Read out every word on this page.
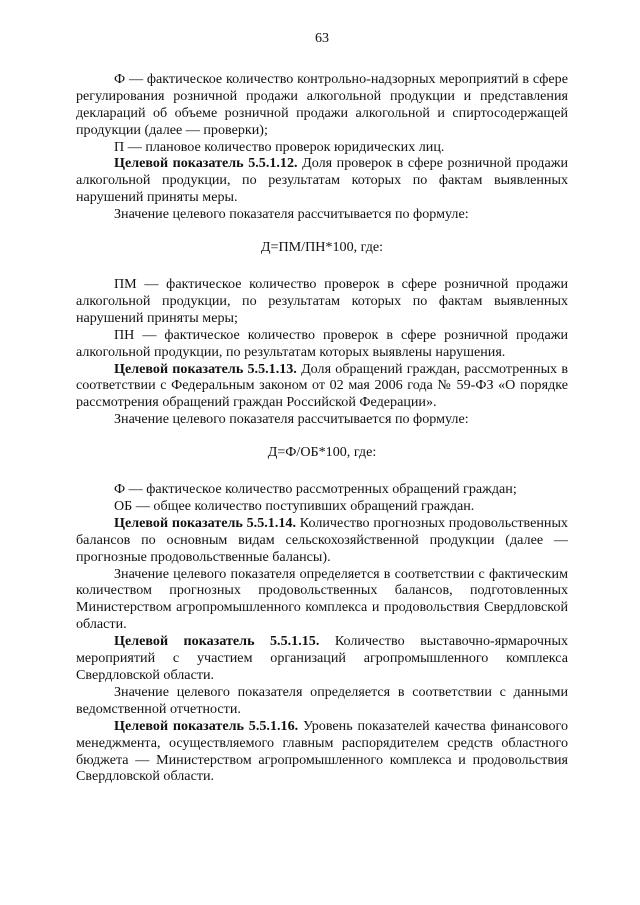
63

Ф — фактическое количество контрольно-надзорных мероприятий в сфере регулирования розничной продажи алкогольной продукции и представления деклараций об объеме розничной продажи алкогольной и спиртосодержащей продукции (далее — проверки);

П — плановое количество проверок юридических лиц.

Целевой показатель 5.5.1.12. Доля проверок в сфере розничной продажи алкогольной продукции, по результатам которых по фактам выявленных нарушений приняты меры.

Значение целевого показателя рассчитывается по формуле:

Д=ПМ/ПН*100, где:

ПМ — фактическое количество проверок в сфере розничной продажи алкогольной продукции, по результатам которых по фактам выявленных нарушений приняты меры;

ПН — фактическое количество проверок в сфере розничной продажи алкогольной продукции, по результатам которых выявлены нарушения.

Целевой показатель 5.5.1.13. Доля обращений граждан, рассмотренных в соответствии с Федеральным законом от 02 мая 2006 года № 59-ФЗ «О порядке рассмотрения обращений граждан Российской Федерации».

Значение целевого показателя рассчитывается по формуле:

Д=Ф/ОБ*100, где:

Ф — фактическое количество рассмотренных обращений граждан;

ОБ — общее количество поступивших обращений граждан.

Целевой показатель 5.5.1.14. Количество прогнозных продовольственных балансов по основным видам сельскохозяйственной продукции (далее — прогнозные продовольственные балансы).

Значение целевого показателя определяется в соответствии с фактическим количеством прогнозных продовольственных балансов, подготовленных Министерством агропромышленного комплекса и продовольствия Свердловской области.

Целевой показатель 5.5.1.15. Количество выставочно-ярмарочных мероприятий с участием организаций агропромышленного комплекса Свердловской области.

Значение целевого показателя определяется в соответствии с данными ведомственной отчетности.

Целевой показатель 5.5.1.16. Уровень показателей качества финансового менеджмента, осуществляемого главным распорядителем средств областного бюджета — Министерством агропромышленного комплекса и продовольствия Свердловской области.
